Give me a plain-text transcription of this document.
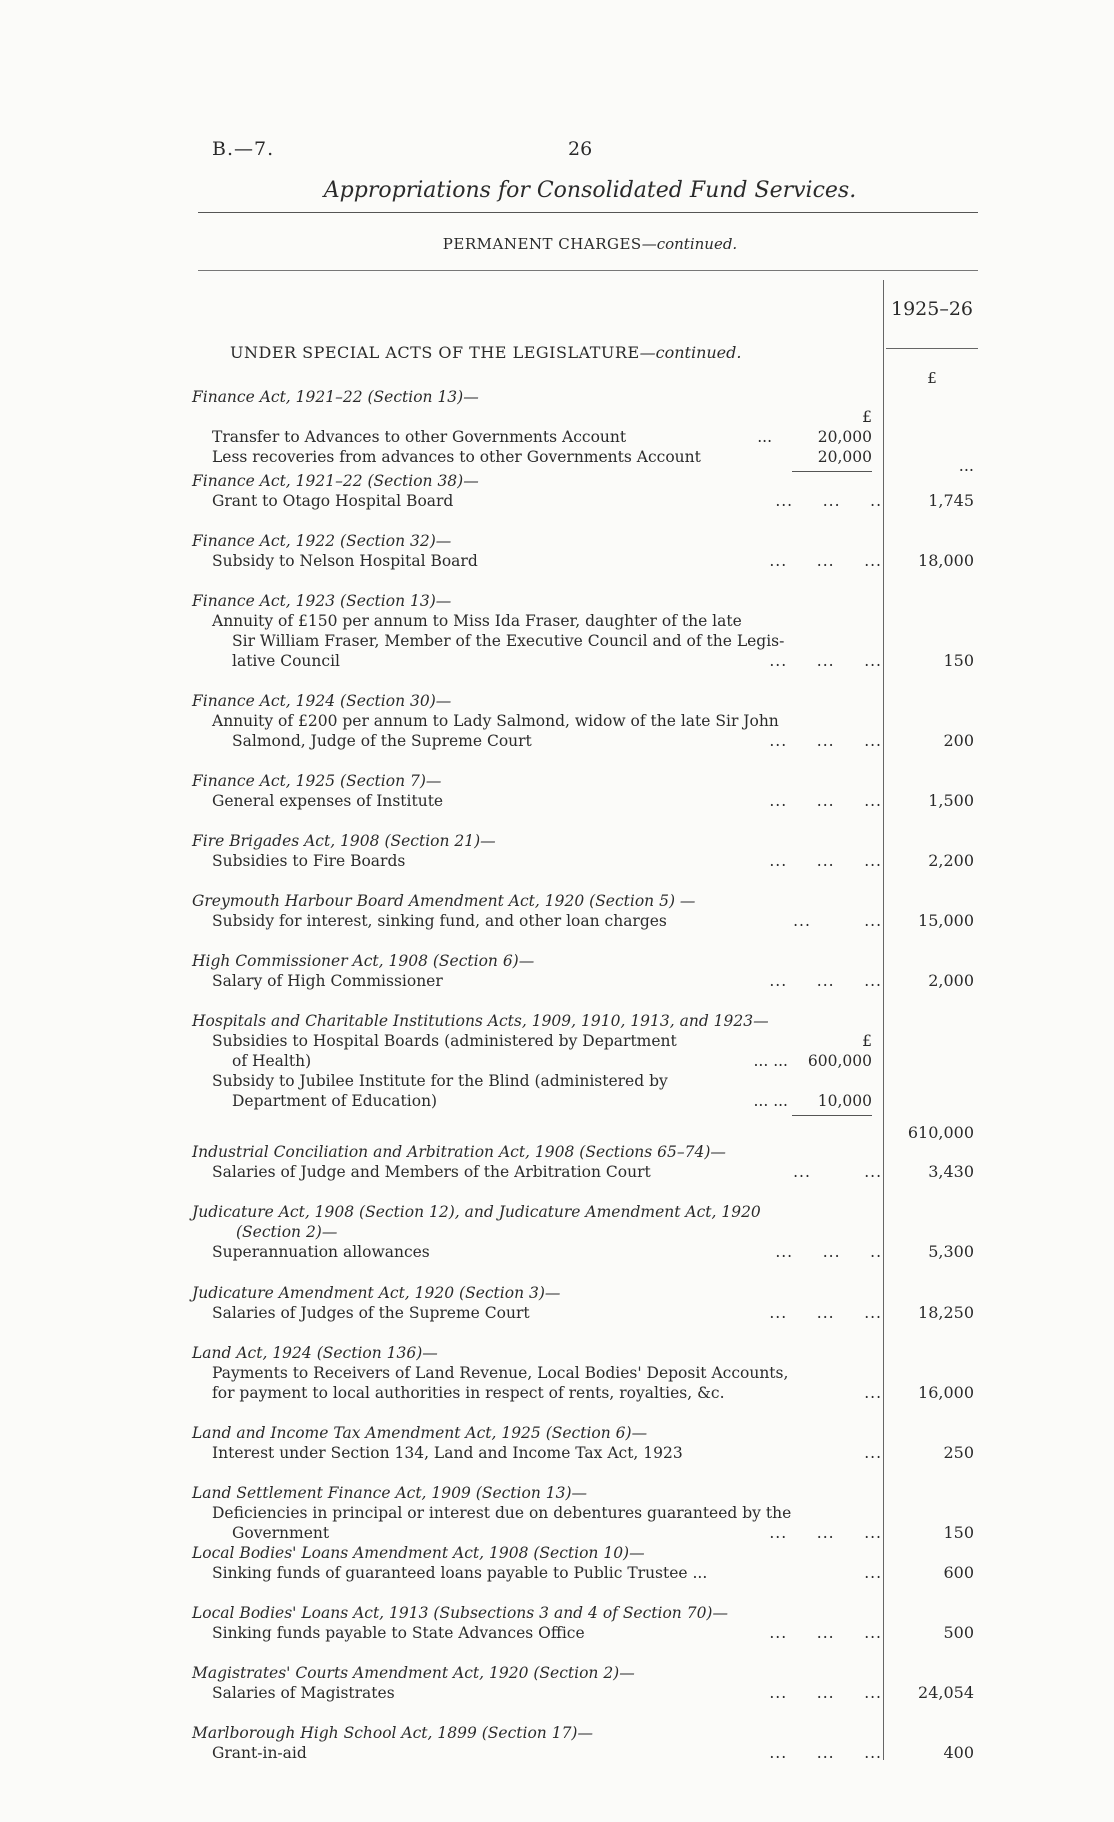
B.—7.	26
Appropriations for Consolidated Fund Services.
PERMANENT CHARGES—continued.
1925–26
£
UNDER SPECIAL ACTS OF THE LEGISLATURE—continued.
Finance Act, 1921–22 (Section 13)—
£
Transfer to Advances to other Governments Account	...	20,000
Less recoveries from advances to other Governments Account	20,000	...
Finance Act, 1921–22 (Section 38)—
Grant to Otago Hospital Board	...     ...     ..	1,745
Finance Act, 1922 (Section 32)—
Subsidy to Nelson Hospital Board	...     ...     ...	18,000
Finance Act, 1923 (Section 13)—
Annuity of £150 per annum to Miss Ida Fraser, daughter of the late
Sir William Fraser, Member of the Executive Council and of the Legis-
lative Council	...     ...     ...	150
Finance Act, 1924 (Section 30)—
Annuity of £200 per annum to Lady Salmond, widow of the late Sir John
Salmond, Judge of the Supreme Court	...     ...     ...	200
Finance Act, 1925 (Section 7)—
General expenses of Institute	...     ...     ...	1,500
Fire Brigades Act, 1908 (Section 21)—
Subsidies to Fire Boards	...     ...     ...	2,200
Greymouth Harbour Board Amendment Act, 1920 (Section 5) —
Subsidy for interest, sinking fund, and other loan charges	...         ...	15,000
High Commissioner Act, 1908 (Section 6)—
Salary of High Commissioner	...     ...     ...	2,000
Hospitals and Charitable Institutions Acts, 1909, 1910, 1913, and 1923—
Subsidies to Hospital Boards (administered by Department	£
of Health)	... ...	600,000
Subsidy to Jubilee Institute for the Blind (administered by
Department of Education)	... ...	10,000
610,000
Industrial Conciliation and Arbitration Act, 1908 (Sections 65–74)—
Salaries of Judge and Members of the Arbitration Court	...         ...	3,430
Judicature Act, 1908 (Section 12), and Judicature Amendment Act, 1920
(Section 2)—
Superannuation allowances	...     ...     ..	5,300
Judicature Amendment Act, 1920 (Section 3)—
Salaries of Judges of the Supreme Court	...     ...     ...	18,250
Land Act, 1924 (Section 136)—
Payments to Receivers of Land Revenue, Local Bodies' Deposit Accounts,
for payment to local authorities in respect of rents, royalties, &c.	...	16,000
Land and Income Tax Amendment Act, 1925 (Section 6)—
Interest under Section 134, Land and Income Tax Act, 1923	...	250
Land Settlement Finance Act, 1909 (Section 13)—
Deficiencies in principal or interest due on debentures guaranteed by the
Government	...     ...     ...	150
Local Bodies' Loans Amendment Act, 1908 (Section 10)—
Sinking funds of guaranteed loans payable to Public Trustee ...	...	600
Local Bodies' Loans Act, 1913 (Subsections 3 and 4 of Section 70)—
Sinking funds payable to State Advances Office	...     ...     ...	500
Magistrates' Courts Amendment Act, 1920 (Section 2)—
Salaries of Magistrates	...     ...     ...	24,054
Marlborough High School Act, 1899 (Section 17)—
Grant-in-aid	...     ...     ...	400
